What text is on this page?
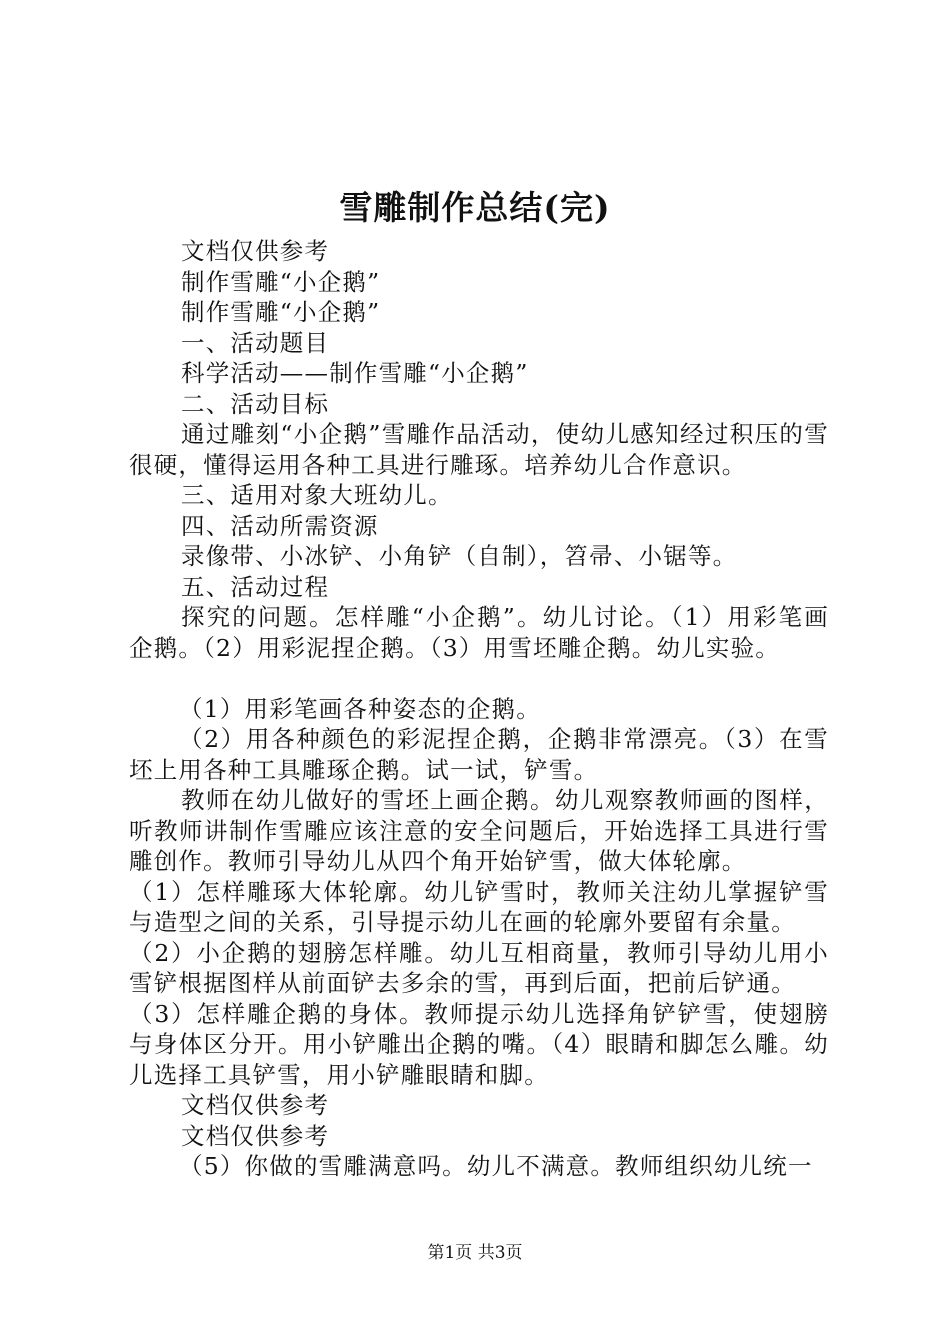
雪雕制作总结(完)

文档仅供参考

制作雪雕“小企鹅”

制作雪雕“小企鹅”

一、活动题目

科学活动——制作雪雕“小企鹅”

二、活动目标

通过雕刻“小企鹅”雪雕作品活动，使幼儿感知经过积压的雪很硬，懂得运用各种工具进行雕琢。培养幼儿合作意识。

三、适用对象大班幼儿。

四、活动所需资源

录像带、小冰铲、小角铲（自制），笤帚、小锯等。

五、活动过程

探究的问题。怎样雕“小企鹅”。幼儿讨论。（1）用彩笔画企鹅。（2）用彩泥捏企鹅。（3）用雪坯雕企鹅。幼儿实验。

（1）用彩笔画各种姿态的企鹅。

（2）用各种颜色的彩泥捏企鹅，企鹅非常漂亮。（3）在雪坯上用各种工具雕琢企鹅。试一试，铲雪。

教师在幼儿做好的雪坯上画企鹅。幼儿观察教师画的图样，听教师讲制作雪雕应该注意的安全问题后，开始选择工具进行雪雕创作。教师引导幼儿从四个角开始铲雪，做大体轮廓。

（1）怎样雕琢大体轮廓。幼儿铲雪时，教师关注幼儿掌握铲雪与造型之间的关系，引导提示幼儿在画的轮廓外要留有余量。

（2）小企鹅的翅膀怎样雕。幼儿互相商量，教师引导幼儿用小雪铲根据图样从前面铲去多余的雪，再到后面，把前后铲通。

（3）怎样雕企鹅的身体。教师提示幼儿选择角铲铲雪，使翅膀与身体区分开。用小铲雕出企鹅的嘴。（4）眼睛和脚怎么雕。幼儿选择工具铲雪，用小铲雕眼睛和脚。

文档仅供参考

文档仅供参考

（5）你做的雪雕满意吗。幼儿不满意。教师组织幼儿统一

第1页 共3页
